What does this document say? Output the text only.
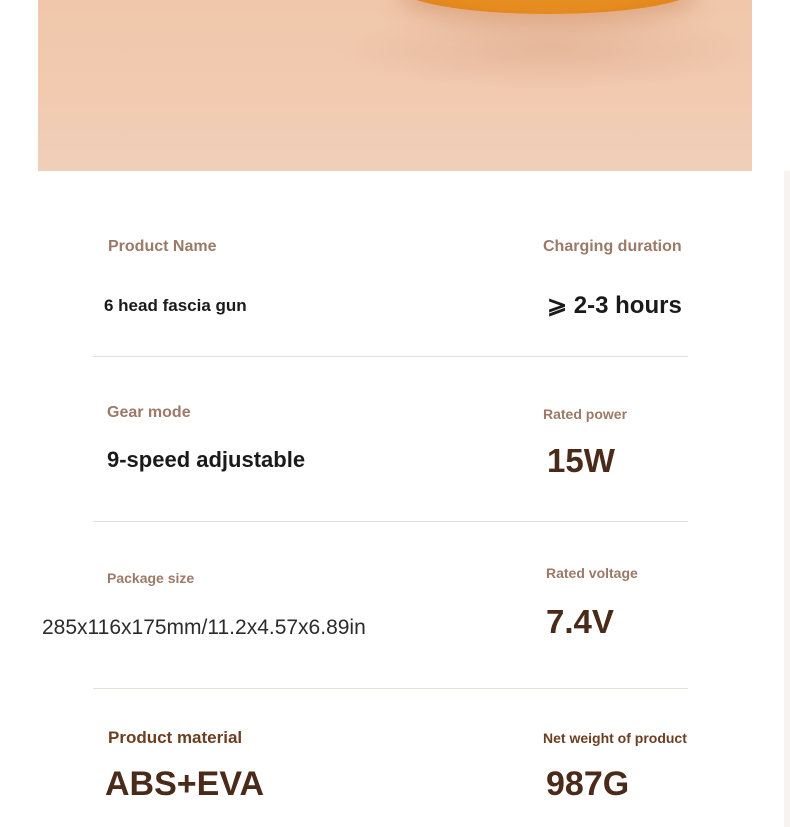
Product Name
6 head fascia gun
Charging duration
⩾ 2-3 hours
Gear mode
9-speed adjustable
Rated power
15W
Package size
285x116x175mm/11.2x4.57x6.89in
Rated voltage
7.4V
Product material
ABS+EVA
Net weight of product
987G
